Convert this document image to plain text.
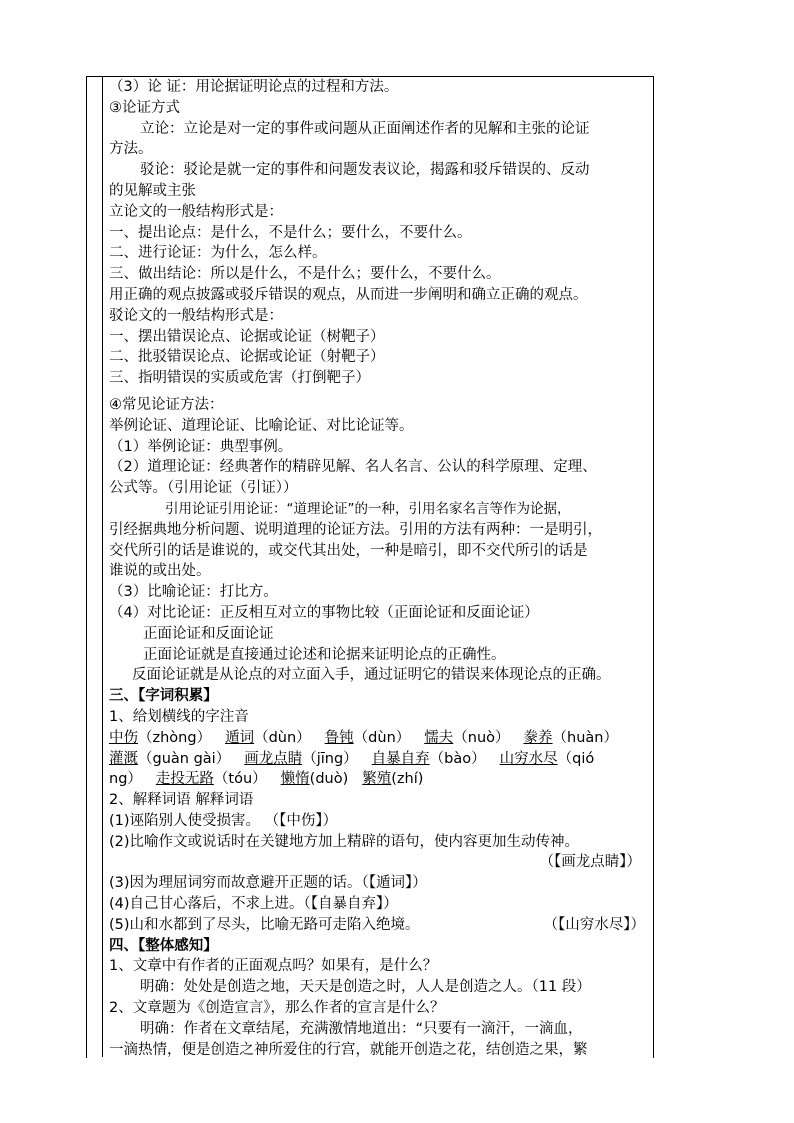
（3）论 证：用论据证明论点的过程和方法。
③论证方式
立论：立论是对一定的事件或问题从正面阐述作者的见解和主张的论证
方法。
驳论：驳论是就一定的事件和问题发表议论，揭露和驳斥错误的、反动
的见解或主张
立论文的一般结构形式是：
一、提出论点：是什么，不是什么；要什么，不要什么。
二、进行论证：为什么，怎么样。
三、做出结论：所以是什么，不是什么；要什么，不要什么。
用正确的观点披露或驳斥错误的观点，从而进一步阐明和确立正确的观点。
驳论文的一般结构形式是：
一、摆出错误论点、论据或论证（树靶子）
二、批驳错误论点、论据或论证（射靶子）
三、指明错误的实质或危害（打倒靶子）
④常见论证方法：
举例论证、道理论证、比喻论证、对比论证等。
（1）举例论证：典型事例。
（2）道理论证：经典著作的精辟见解、名人名言、公认的科学原理、定理、
公式等。（引用论证（引证））
引用论证引用论证：“道理论证”的一种，引用名家名言等作为论据，
引经据典地分析问题、说明道理的论证方法。引用的方法有两种：一是明引，
交代所引的话是谁说的，或交代其出处，一种是暗引，即不交代所引的话是
谁说的或出处。
（3）比喻论证：打比方。
（4）对比论证：正反相互对立的事物比较（正面论证和反面论证）
正面论证和反面论证
正面论证就是直接通过论述和论据来证明论点的正确性。
反面论证就是从论点的对立面入手，通过证明它的错误来体现论点的正确。
三、【字词积累】
1、给划横线的字注音
中伤（zhòng） 遁词（dùn） 鲁钝（dùn） 懦夫（nuò） 豢养（huàn）
灌溉（guàn gài） 画龙点睛（jīng） 自暴自弃（bào） 山穷水尽（qió
ng） 走投无路（tóu） 懒惰(duò) 繁殖(zhí)
2、解释词语 解释词语
(1)诬陷别人使受损害。 （【中伤】）
(2)比喻作文或说话时在关键地方加上精辟的语句，使内容更加生动传神。
（【画龙点睛】）
(3)因为理屈词穷而故意避开正题的话。（【遁词】）
(4)自己甘心落后，不求上进。（【自暴自弃】）
(5)山和水都到了尽头，比喻无路可走陷入绝境。	（【山穷水尽】）
四、【整体感知】
1、文章中有作者的正面观点吗？如果有，是什么？
明确：处处是创造之地，天天是创造之时，人人是创造之人。（11 段）
2、文章题为《创造宣言》，那么作者的宣言是什么？
明确：作者在文章结尾，充满激情地道出：“只要有一滴汗，一滴血，
一滴热情，便是创造之神所爱住的行宫，就能开创造之花，结创造之果，繁
